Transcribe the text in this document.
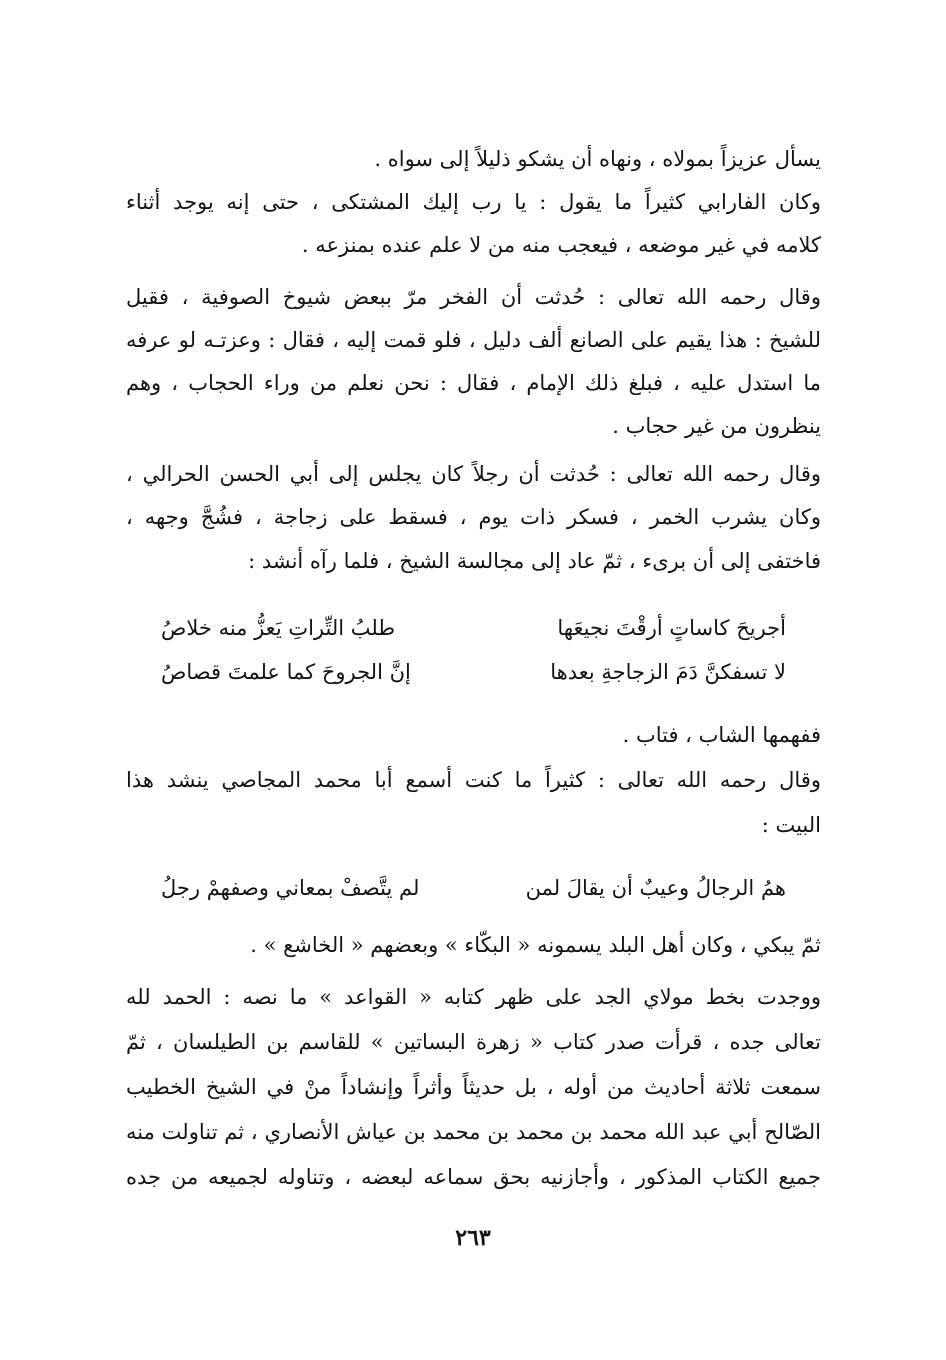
يسأل عزيزاً بمولاه ، ونهاه أن يشكو ذليلاً إلى سواه .
وكان الفارابي كثيراً ما يقول : يا رب إليك المشتكى ، حتى إنه يوجد أثناء
كلامه في غير موضعه ، فيعجب منه من لا علم عنده بمنزعه .
وقال رحمه الله تعالى : حُدثت أن الفخر مرّ ببعض شيوخ الصوفية ، فقيل
للشيخ : هذا يقيم على الصانع ألف دليل ، فلو قمت إليه ، فقال : وعزتـه لو عرفه
ما استدل عليه ، فبلغ ذلك الإمام ، فقال : نحن نعلم من وراء الحجاب ، وهم
ينظرون من غير حجاب .
وقال رحمه الله تعالى : حُدثت أن رجلاً كان يجلس إلى أبي الحسن الحرالي ،
وكان يشرب الخمر ، فسكر ذات يوم ، فسقط على زجاجة ، فشُجَّ وجهه ،
فاختفى إلى أن برىء ، ثمّ عاد إلى مجالسة الشيخ ، فلما رآه أنشد :
أجريحَ كاساتٍ أرقْتَ نجيعَها
طلبُ التِّراتِ يَعزُّ منه خلاصُ
لا تسفكنَّ دَمَ الزجاجةِ بعدها
إنَّ الجروحَ كما علمتَ قصاصُ
ففهمها الشاب ، فتاب .
وقال رحمه الله تعالى : كثيراً ما كنت أسمع أبا محمد المجاصي ينشد هذا
البيت :
همُ الرجالُ وعيبٌ أن يقالَ لمن
لم يتَّصفْ بمعاني وصفهمْ رجلُ
ثمّ يبكي ، وكان أهل البلد يسمونه « البكّاء » وبعضهم « الخاشع » .
ووجدت بخط مولاي الجد على ظهر كتابه « القواعد » ما نصه : الحمد لله
تعالى جده ، قرأت صدر كتاب « زهرة البساتين » للقاسم بن الطيلسان ، ثمّ
سمعت ثلاثة أحاديث من أوله ، بل حديثاً وأثراً وإنشاداً منْ في الشيخ الخطيب
الصّالح أبي عبد الله محمد بن محمد بن محمد بن عياش الأنصاري ، ثم تناولت منه
جميع الكتاب المذكور ، وأجازنيه بحق سماعه لبعضه ، وتناوله لجميعه من جده
٢٦٣
